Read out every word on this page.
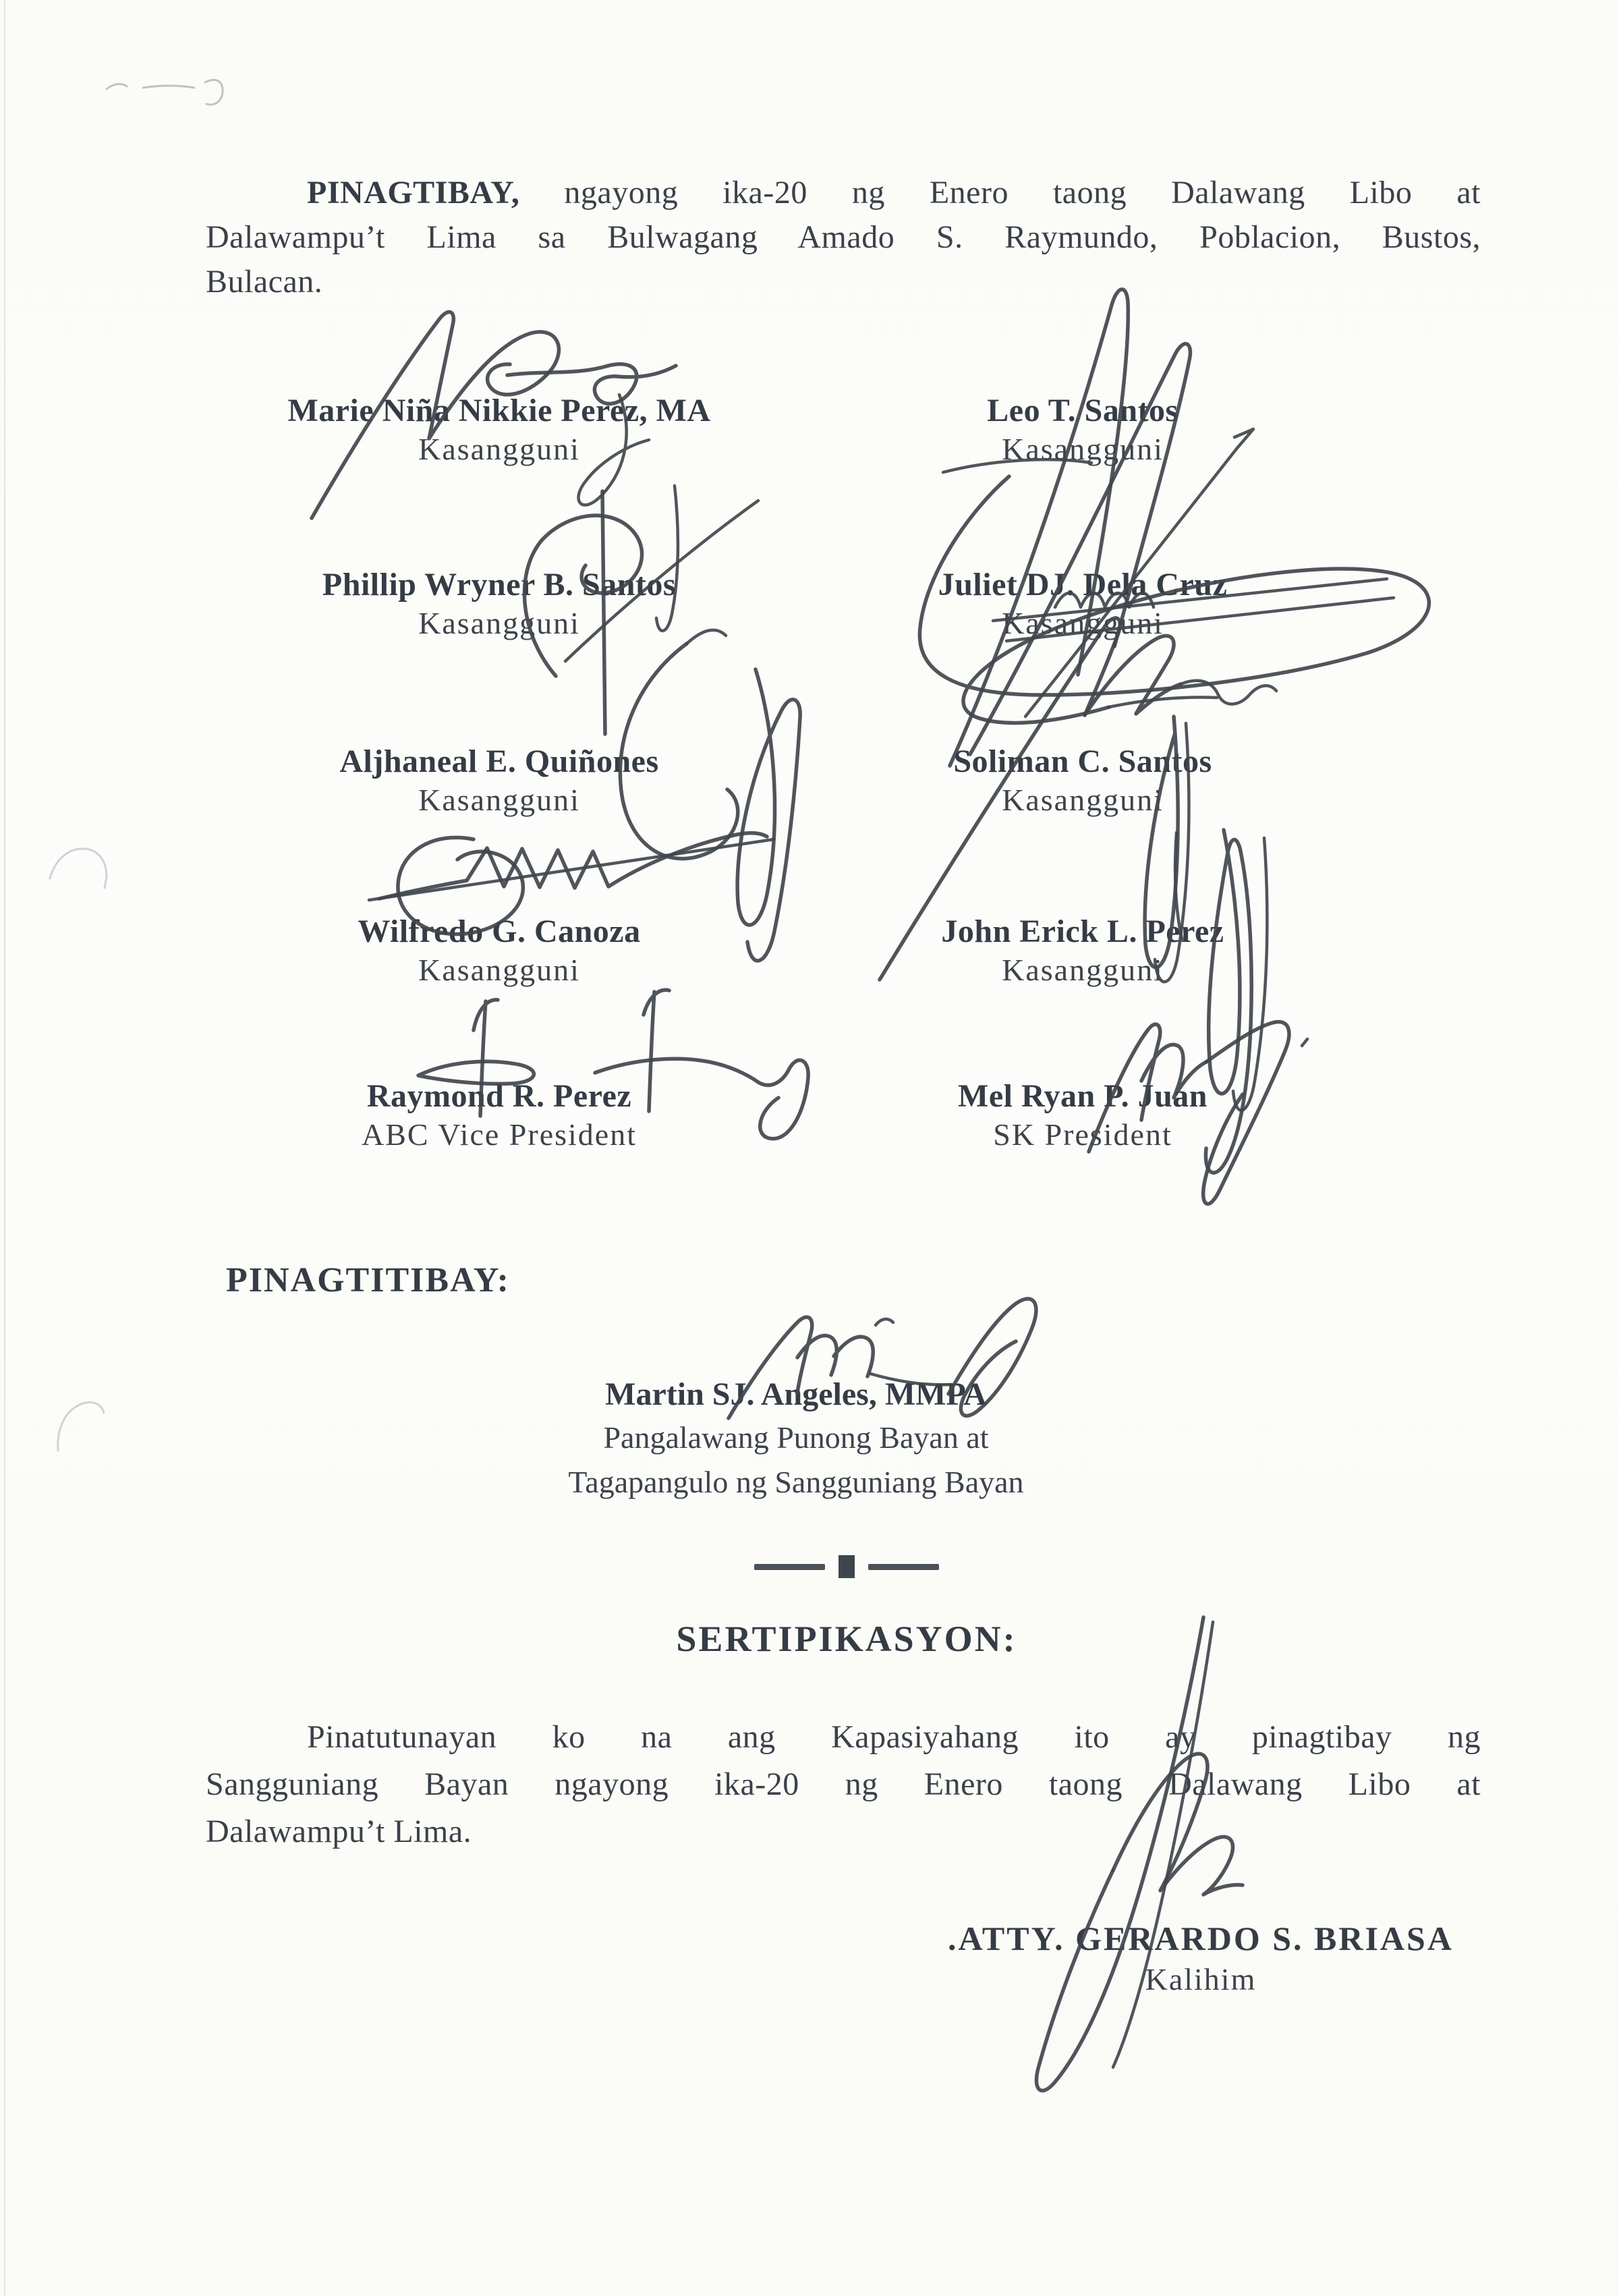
PINAGTIBAY, ngayong ika-20 ng Enero taong Dalawang Libo at
Dalawampu’t Lima sa Bulwagang Amado S. Raymundo, Poblacion, Bustos,
Bulacan.
Marie Niña Nikkie Perez, MA
Kasangguni
Phillip Wryner B. Santos
Kasangguni
Aljhaneal E. Quiñones
Kasangguni
Wilfredo G. Canoza
Kasangguni
Raymond R. Perez
ABC Vice President
Leo T. Santos
Kasangguni
Juliet DJ. Dela Cruz
Kasangguni
Soliman C. Santos
Kasangguni
John Erick L. Perez
Kasangguni
Mel Ryan P. Juan
SK President
PINAGTITIBAY:
Martin SJ. Angeles, MMPA
Pangalawang Punong Bayan at
Tagapangulo ng Sangguniang Bayan
SERTIPIKASYON:
Pinatutunayan ko na ang Kapasiyahang ito ay pinagtibay ng
Sangguniang Bayan ngayong ika-20 ng Enero taong Dalawang Libo at
Dalawampu’t Lima.
.ATTY. GERARDO S. BRIASA
Kalihim
